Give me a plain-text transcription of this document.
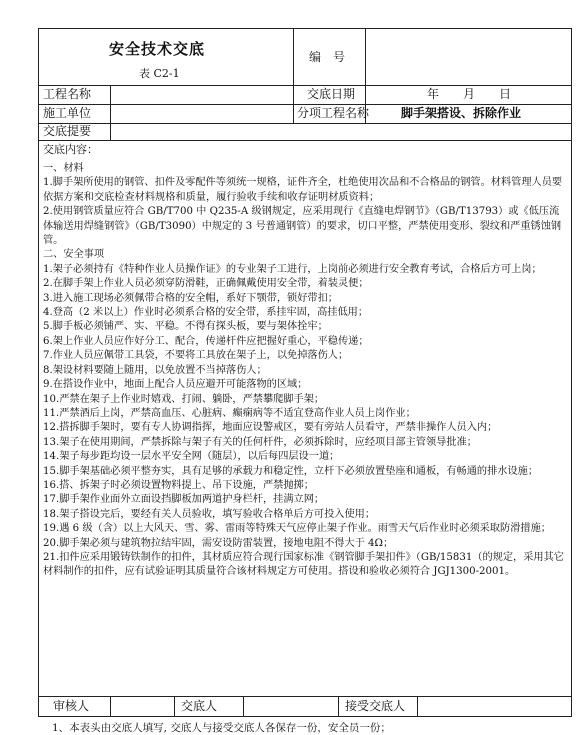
安全技术交底
表 C2-1
编　号
工程名称	交底日期	年　　月　　日
施工单位	分项工程名称	脚手架搭设、拆除作业
交底提要
交底内容：
一、材料
1.脚手架所使用的钢管、扣件及零配件等须统一规格，证件齐全，杜绝使用次品和不合格品的钢管。材料管理人员要依据方案和交底检查材料规格和质量，履行验收手续和收存证明材质资料；
2.使用钢管质量应符合 GB/T700 中 Q235-A 级钢规定，应采用现行《直缝电焊钢节》（GB/T13793）或《低压流体输送用焊缝钢管》（GB/T3090）中规定的 3 号普通钢管）的要求，切口平整，严禁使用变形、裂纹和严重锈蚀钢管。
二、安全事项
1.架子必须持有《特种作业人员操作证》的专业架子工进行，上岗前必须进行安全教育考试，合格后方可上岗；
2.在脚手架上作业人员必须穿防滑鞋，正确佩戴使用安全带，着装灵便；
3.进入施工现场必须佩带合格的安全帽，系好下颚带，锁好带扣；
4.登高（2 米以上）作业时必须系合格的安全带，系挂牢固，高挂低用；
5.脚手板必须铺严、实、平稳。不得有探头板，要与架体拴牢；
6.架上作业人员应作好分工、配合，传递杆件应把握好重心，平稳传递；
7.作业人员应佩带工具袋，不要将工具放在架子上，以免掉落伤人；
8.架设材料要随上随用，以免放置不当掉落伤人；
9.在搭设作业中，地面上配合人员应避开可能落物的区域；
10.严禁在架子上作业时嬉戏、打闹、躺卧，严禁攀爬脚手架；
11.严禁酒后上岗，严禁高血压、心脏病、癫痫病等不适宜登高作业人员上岗作业；
12.搭拆脚手架时，要有专人协调指挥，地面应设警戒区，要有旁站人员看守，严禁非操作人员入内；
13.架子在使用期间，严禁拆除与架子有关的任何杆件，必须拆除时，应经项目部主管领导批准；
14.架子每步距均设一层水平安全网（随层），以后每四层设一道；
15.脚手架基础必须平整夯实，具有足够的承载力和稳定性，立杆下必须放置垫座和通板，有畅通的排水设施；
16.搭、拆架子时必须设置物料提上、吊下设施，严禁抛掷；
17.脚手架作业面外立面设挡脚板加两道护身栏杆，挂满立网；
18.架子搭设完后，要经有关人员验收，填写验收合格单后方可投入使用；
19.遇 6 级（含）以上大风天、雪、雾、雷雨等特殊天气应停止架子作业。雨雪天气后作业时必须采取防滑措施；
20.脚手架必须与建筑物拉结牢固，需安设防雷装置，接地电阻不得大于 4Ω；
21.扣件应采用锻铸铁制作的扣件，其材质应符合现行国家标准《钢管脚手架扣件》（GB/15831（的规定，采用其它材料制作的扣件，应有试验证明其质量符合该材料规定方可使用。搭设和验收必须符合 JGJ1300-2001。
审核人	交底人	接受交底人
1、本表头由交底人填写, 交底人与接受交底人各保存一份，安全员一份；
